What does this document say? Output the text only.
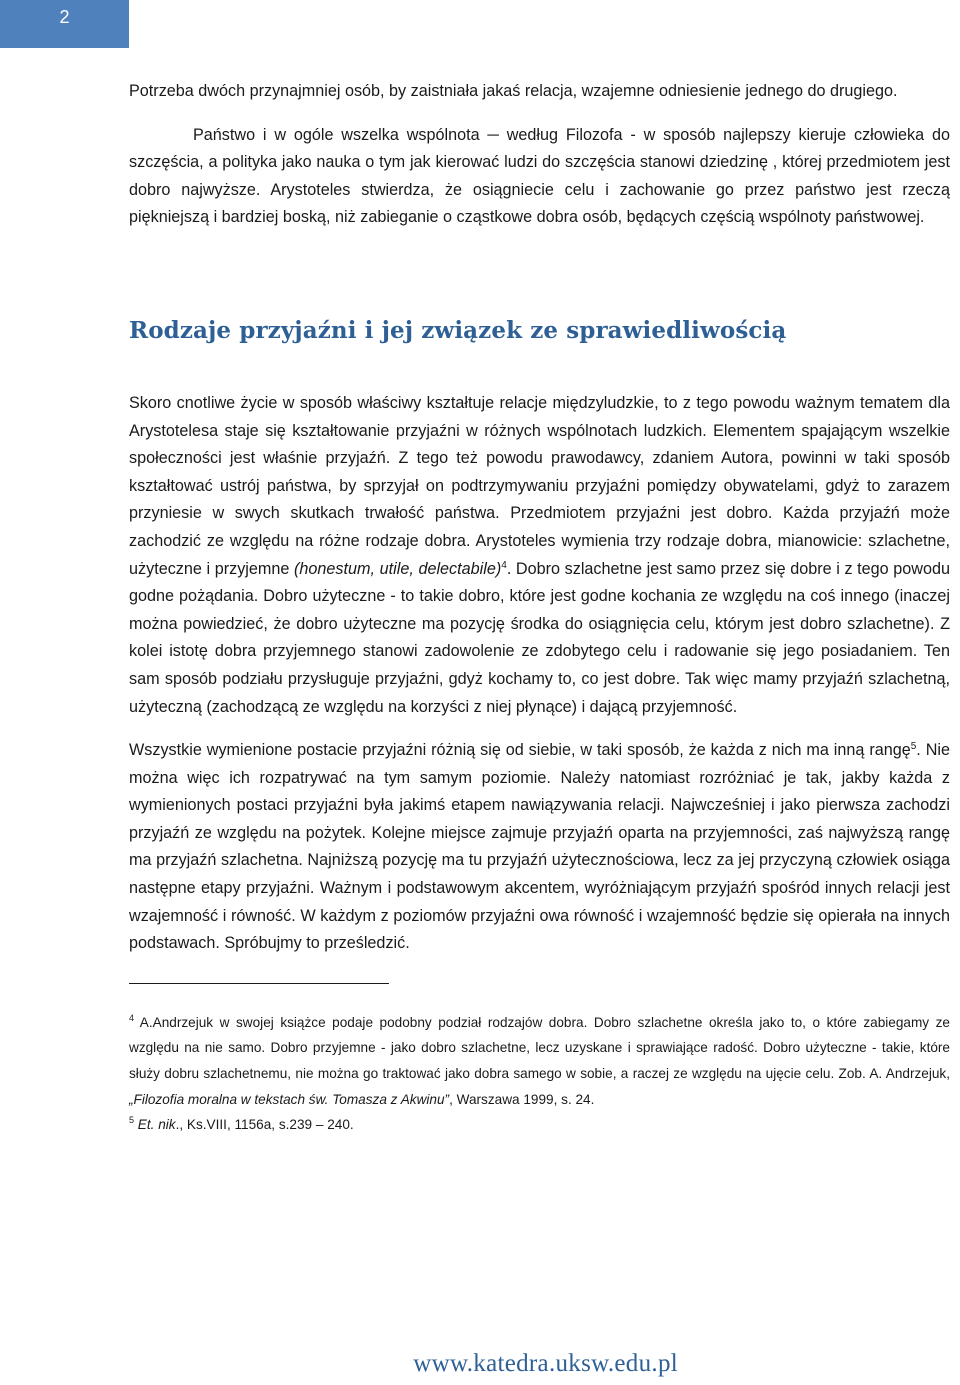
2

Potrzeba dwóch przynajmniej osób, by zaistniała jakaś relacja, wzajemne odniesienie jednego do drugiego.

Państwo i w ogóle wszelka wspólnota ─ według Filozofa - w sposób najlepszy kieruje człowieka do szczęścia, a polityka jako nauka o tym jak kierować ludzi do szczęścia stanowi dziedzinę , której przedmiotem jest dobro najwyższe. Arystoteles stwierdza, że osiągniecie celu i zachowanie go przez państwo jest rzeczą piękniejszą i bardziej boską, niż zabieganie o cząstkowe dobra osób, będących częścią wspólnoty państwowej.

Rodzaje przyjaźni i jej związek ze sprawiedliwością

Skoro cnotliwe życie w sposób właściwy kształtuje relacje międzyludzkie, to z tego powodu ważnym tematem dla Arystotelesa staje się kształtowanie przyjaźni w różnych wspólnotach ludzkich. Elementem spajającym wszelkie społeczności jest właśnie przyjaźń. Z tego też powodu prawodawcy, zdaniem Autora, powinni w taki sposób kształtować ustrój państwa, by sprzyjał on podtrzymywaniu przyjaźni pomiędzy obywatelami, gdyż to zarazem przyniesie w swych skutkach trwałość państwa. Przedmiotem przyjaźni jest dobro. Każda przyjaźń może zachodzić ze względu na różne rodzaje dobra. Arystoteles wymienia trzy rodzaje dobra, mianowicie: szlachetne, użyteczne i przyjemne (honestum, utile, delectabile)$^4$. Dobro szlachetne jest samo przez się dobre i z tego powodu godne pożądania. Dobro użyteczne - to takie dobro, które jest godne kochania ze względu na coś innego (inaczej można powiedzieć, że dobro użyteczne ma pozycję środka do osiągnięcia celu, którym jest dobro szlachetne). Z kolei istotę dobra przyjemnego stanowi zadowolenie ze zdobytego celu i radowanie się jego posiadaniem. Ten sam sposób podziału przysługuje przyjaźni, gdyż kochamy to, co jest dobre. Tak więc mamy przyjaźń szlachetną, użyteczną (zachodzącą ze względu na korzyści z niej płynące) i dającą przyjemność.

Wszystkie wymienione postacie przyjaźni różnią się od siebie, w taki sposób, że każda z nich ma inną rangę$^5$. Nie można więc ich rozpatrywać na tym samym poziomie. Należy natomiast rozróżniać je tak, jakby każda z wymienionych postaci przyjaźni była jakimś etapem nawiązywania relacji. Najwcześniej i jako pierwsza zachodzi przyjaźń ze względu na pożytek. Kolejne miejsce zajmuje przyjaźń oparta na przyjemności, zaś najwyższą rangę ma przyjaźń szlachetna. Najniższą pozycję ma tu przyjaźń użytecznościowa, lecz za jej przyczyną człowiek osiąga następne etapy przyjaźni. Ważnym i podstawowym akcentem, wyróżniającym przyjaźń spośród innych relacji jest wzajemność i równość. W każdym z poziomów przyjaźni owa równość i wzajemność będzie się opierała na innych podstawach. Spróbujmy to prześledzić.

$^4$ A.Andrzejuk w swojej książce podaje podobny podział rodzajów dobra. Dobro szlachetne określa jako to, o które zabiegamy ze względu na nie samo. Dobro przyjemne - jako dobro szlachetne, lecz uzyskane i sprawiające radość. Dobro użyteczne - takie, które służy dobru szlachetnemu, nie można go traktować jako dobra samego w sobie, a raczej ze względu na ujęcie celu. Zob. A. Andrzejuk, „Filozofia moralna w tekstach św. Tomasza z Akwinu”, Warszawa 1999, s. 24.

$^5$ Et. nik., Ks.VIII, 1156a, s.239 – 240.

www.katedra.uksw.edu.pl
